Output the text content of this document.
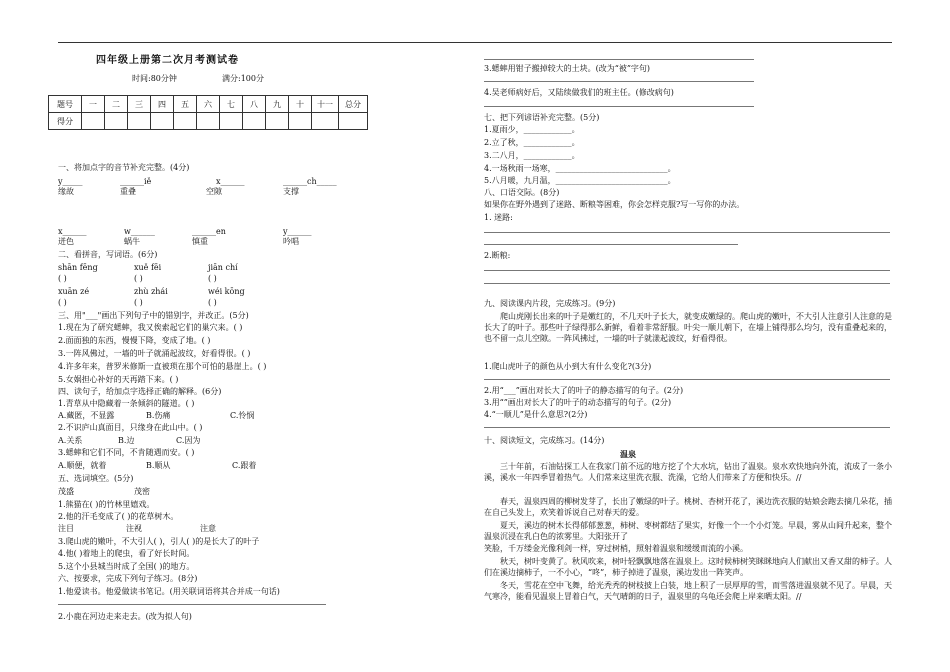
四年级上册第二次月考测试卷
时间:80分钟	满分:100分
题号	一	二	三	四	五	六	七	八	九	十	十一	总分
得分												
一、将加点字的音节补充完整。(4分)
y_____	______iě	x______	______ch_____
缘故	重叠	空隙	支撑
x______	w______	______en	y______
迸色	蜗牛	慎重	吟唱
二、看拼音，写词语。(6分)
shān fēng	xuě fēi	jiān chí
( )	( )	( )
xuān zé	zhù zhái	wéi kōng
( )	( )	( )
三、用"___"画出下列句子中的错别字，并改正。(5分)
1.现在为了研究蟋蟀，我又俟索起它们的巢穴来。( )
2.面面独的东西，慢慢下降，变成了地。( )
3.一阵风佛过，一墙的叶子就涌起波纹，好看得很。( )
4.许多年来，普罗米修斯一直被琐在那个可怕的悬崖上。( )
5.女娲担心补好的天再踏下来。( )
四、读句子，给加点字选择正确的解释。(6分)
1.青草从中隐藏着一条倾斜的隧道。( )
A.藏匿，不显露	B.伤痛	C.怜悯
2.不识庐山真面目，只缘身在此山中。( )
A.关系	B.边	C.因为
3.蟋蟀和它们不同，不肯随遇而安。( )
A.顺便，就着	B.顺从	C.跟着
五、选词填空。(5分)
茂盛	茂密
1.熊猫在( )的竹林里嬉戏。
2.他的汗毛变成了( )的花草树木。
注目	注视	注意
3.爬山虎的嫩叶，不大引人( )，引人( )的是长大了的叶子
4.他( )着地上的爬虫，看了好长时间。
5.这个小县城当时成了全国( )的地方。
六、按要求，完成下列句子练习。(8分)
1.他爱读书。他爱做读书笔记。(用关联词语将其合并成一句话)
2.小鹿在河边走来走去。(改为拟人句)
3.蟋蟀用钳子搬掉较大的土块。(改为“被”字句)
4.吴老师病好后，又陆续做我们的班主任。(修改病句)
七、把下列谚语补充完整。(5分)
1.夏雨少，____________。
2.立了秋，____________。
3.二八月，____________。
4.一场秋雨一场寒，____________________________。
5.八月暖，九月温，____________________________。
八、口语交际。(8分)
如果你在野外遇到了迷路、断粮等困难，你会怎样克服?写一写你的办法。
1. 迷路:
2.断粮:
九、阅读课内片段，完成练习。(9分)
爬山虎刚长出来的叶子是嫩红的，不几天叶子长大，就变成嫩绿的。爬山虎的嫩叶，不大引人注意引人注意的是长大了的叶子。那些叶子绿得那么新鲜，看着非常舒服。叶尖一顺儿朝下，在墙上铺得那么均匀，没有重叠起来的，也不留一点儿空隙。一阵风拂过，一墙的叶子就漾起波纹，好看得很。
1.爬山虎叶子的颜色从小到大有什么变化?(3分)
2.用“___”画出对长大了的叶子的静态描写的句子。(2分)
3.用“”画出对长大了的叶子的动态描写的句子。(2分)
4.“一顺儿”是什么意思?(2分)
十、阅读短文，完成练习。(14分)
温泉
三十年前，石油钻探工人在我家门前不远的地方挖了个大水坑，钻出了温泉。泉水欢快地向外流，流成了一条小溪，溪水一年四季冒着热气。人们常来这里洗衣服、洗澡，它给人们带来了方便和快乐。//
春天，温泉四周的柳树发芽了，长出了嫩绿的叶子。桃树、杏树开花了，溪边洗衣服的姑娘会跑去摘几朵花，插在自己头发上，欢笑着诉说自己对春天的爱。
夏天，溪边的树木长得郁郁葱葱，柿树、枣树都结了果实，好像一个一个小灯笼。早晨，雾从山间升起来，整个温泉沉浸在乳白色的浓雾里。大阳张开了
笑脸，千万缕金光像利剑一样，穿过树梢，照射着温泉和缓缓而流的小溪。
秋天，树叶变黄了。秋风吹来，树叶轻飘飘地落在温泉上。这时候柿树笑眯眯地向人们献出又香又甜的柿子。人们在溪边摘柿子，一不小心，“咚”，柿子掉进了温泉，溪边发出一阵笑声。
冬天，雪花在空中飞舞，给光秃秃的树枝披上白装，地上积了一层厚厚的雪，而雪落进温泉就不见了。早晨，天气寒冷，能看见温泉上冒着白气，天气晴朗的日子，温泉里的乌龟还会爬上岸来晒太阳。//
